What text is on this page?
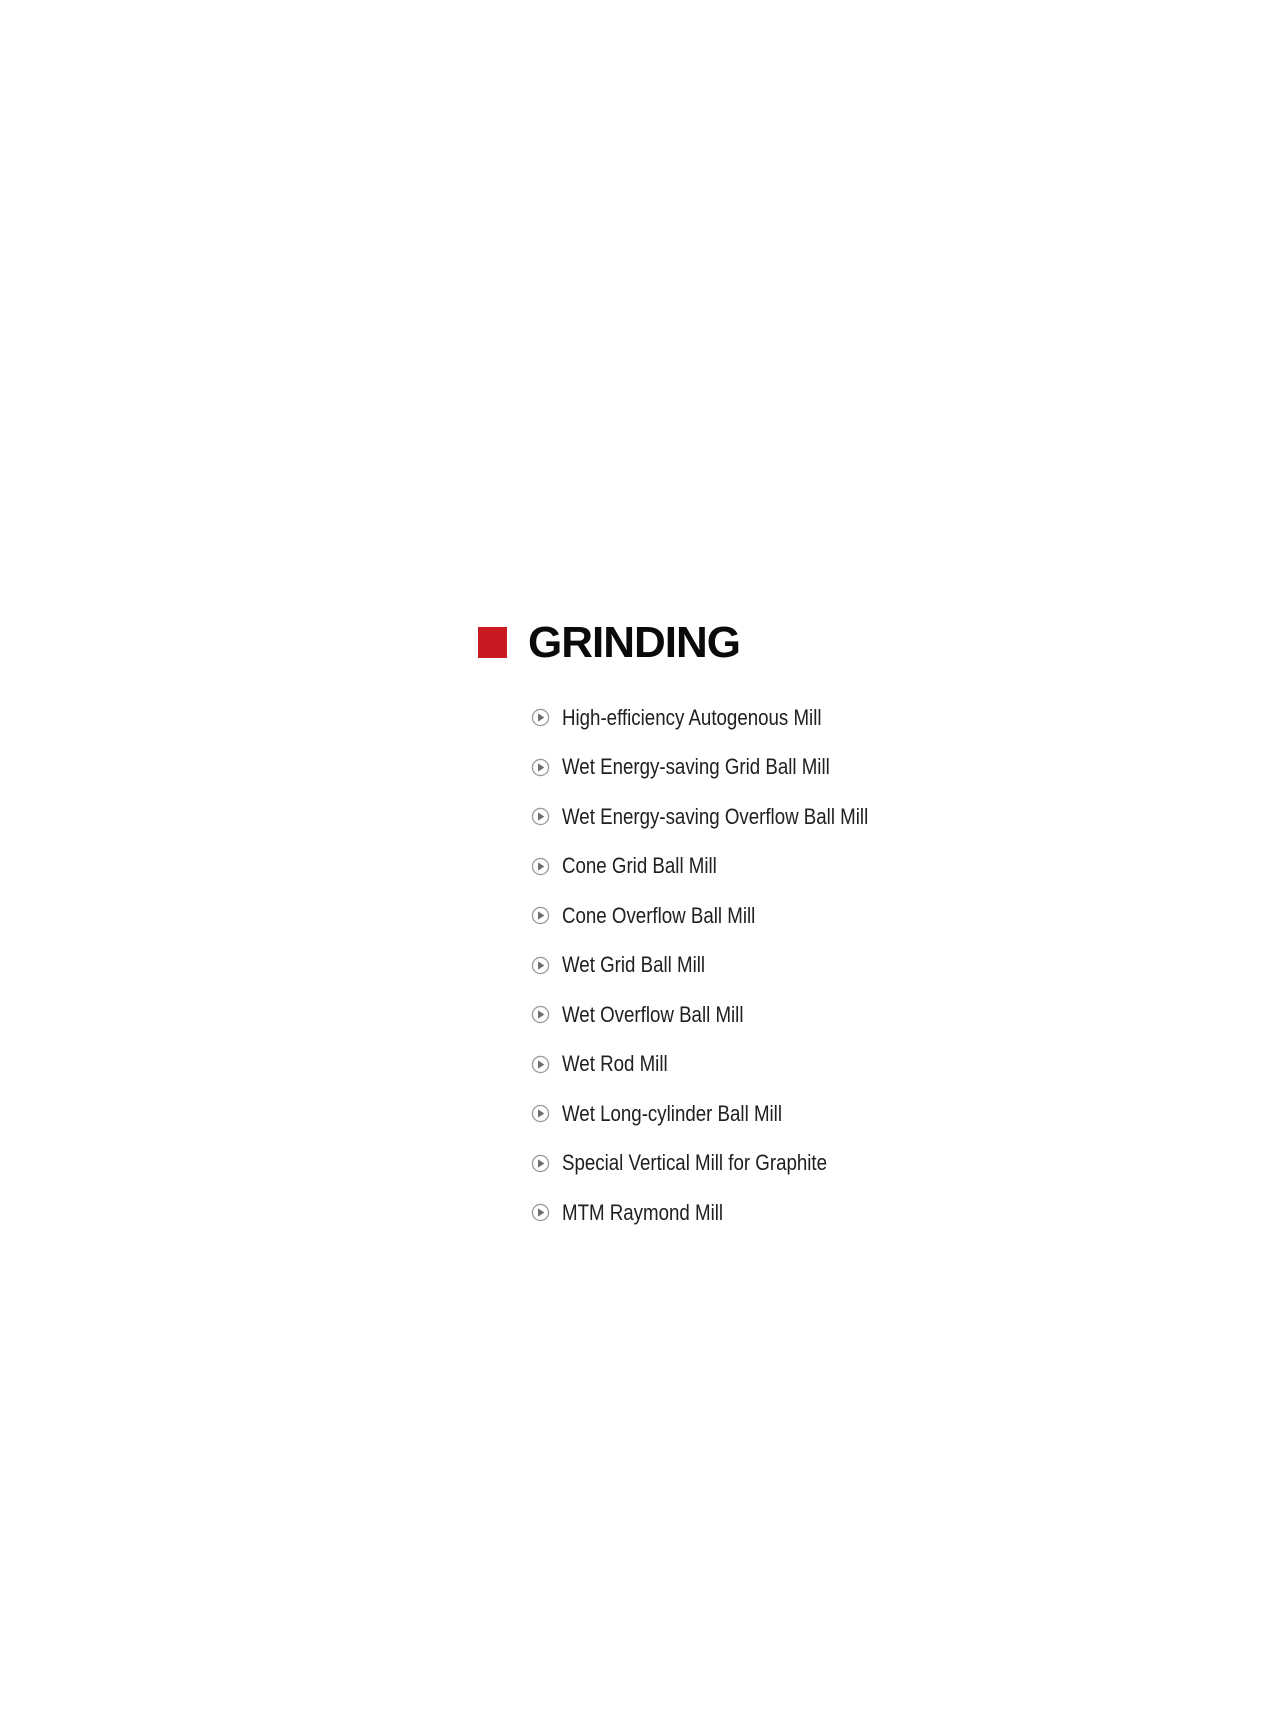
GRINDING
High-efficiency Autogenous Mill
Wet Energy-saving Grid Ball Mill
Wet Energy-saving Overflow Ball Mill
Cone Grid Ball Mill
Cone Overflow Ball Mill
Wet Grid Ball Mill
Wet Overflow Ball Mill
Wet Rod Mill
Wet Long-cylinder Ball Mill
Special Vertical Mill for Graphite
MTM Raymond Mill
